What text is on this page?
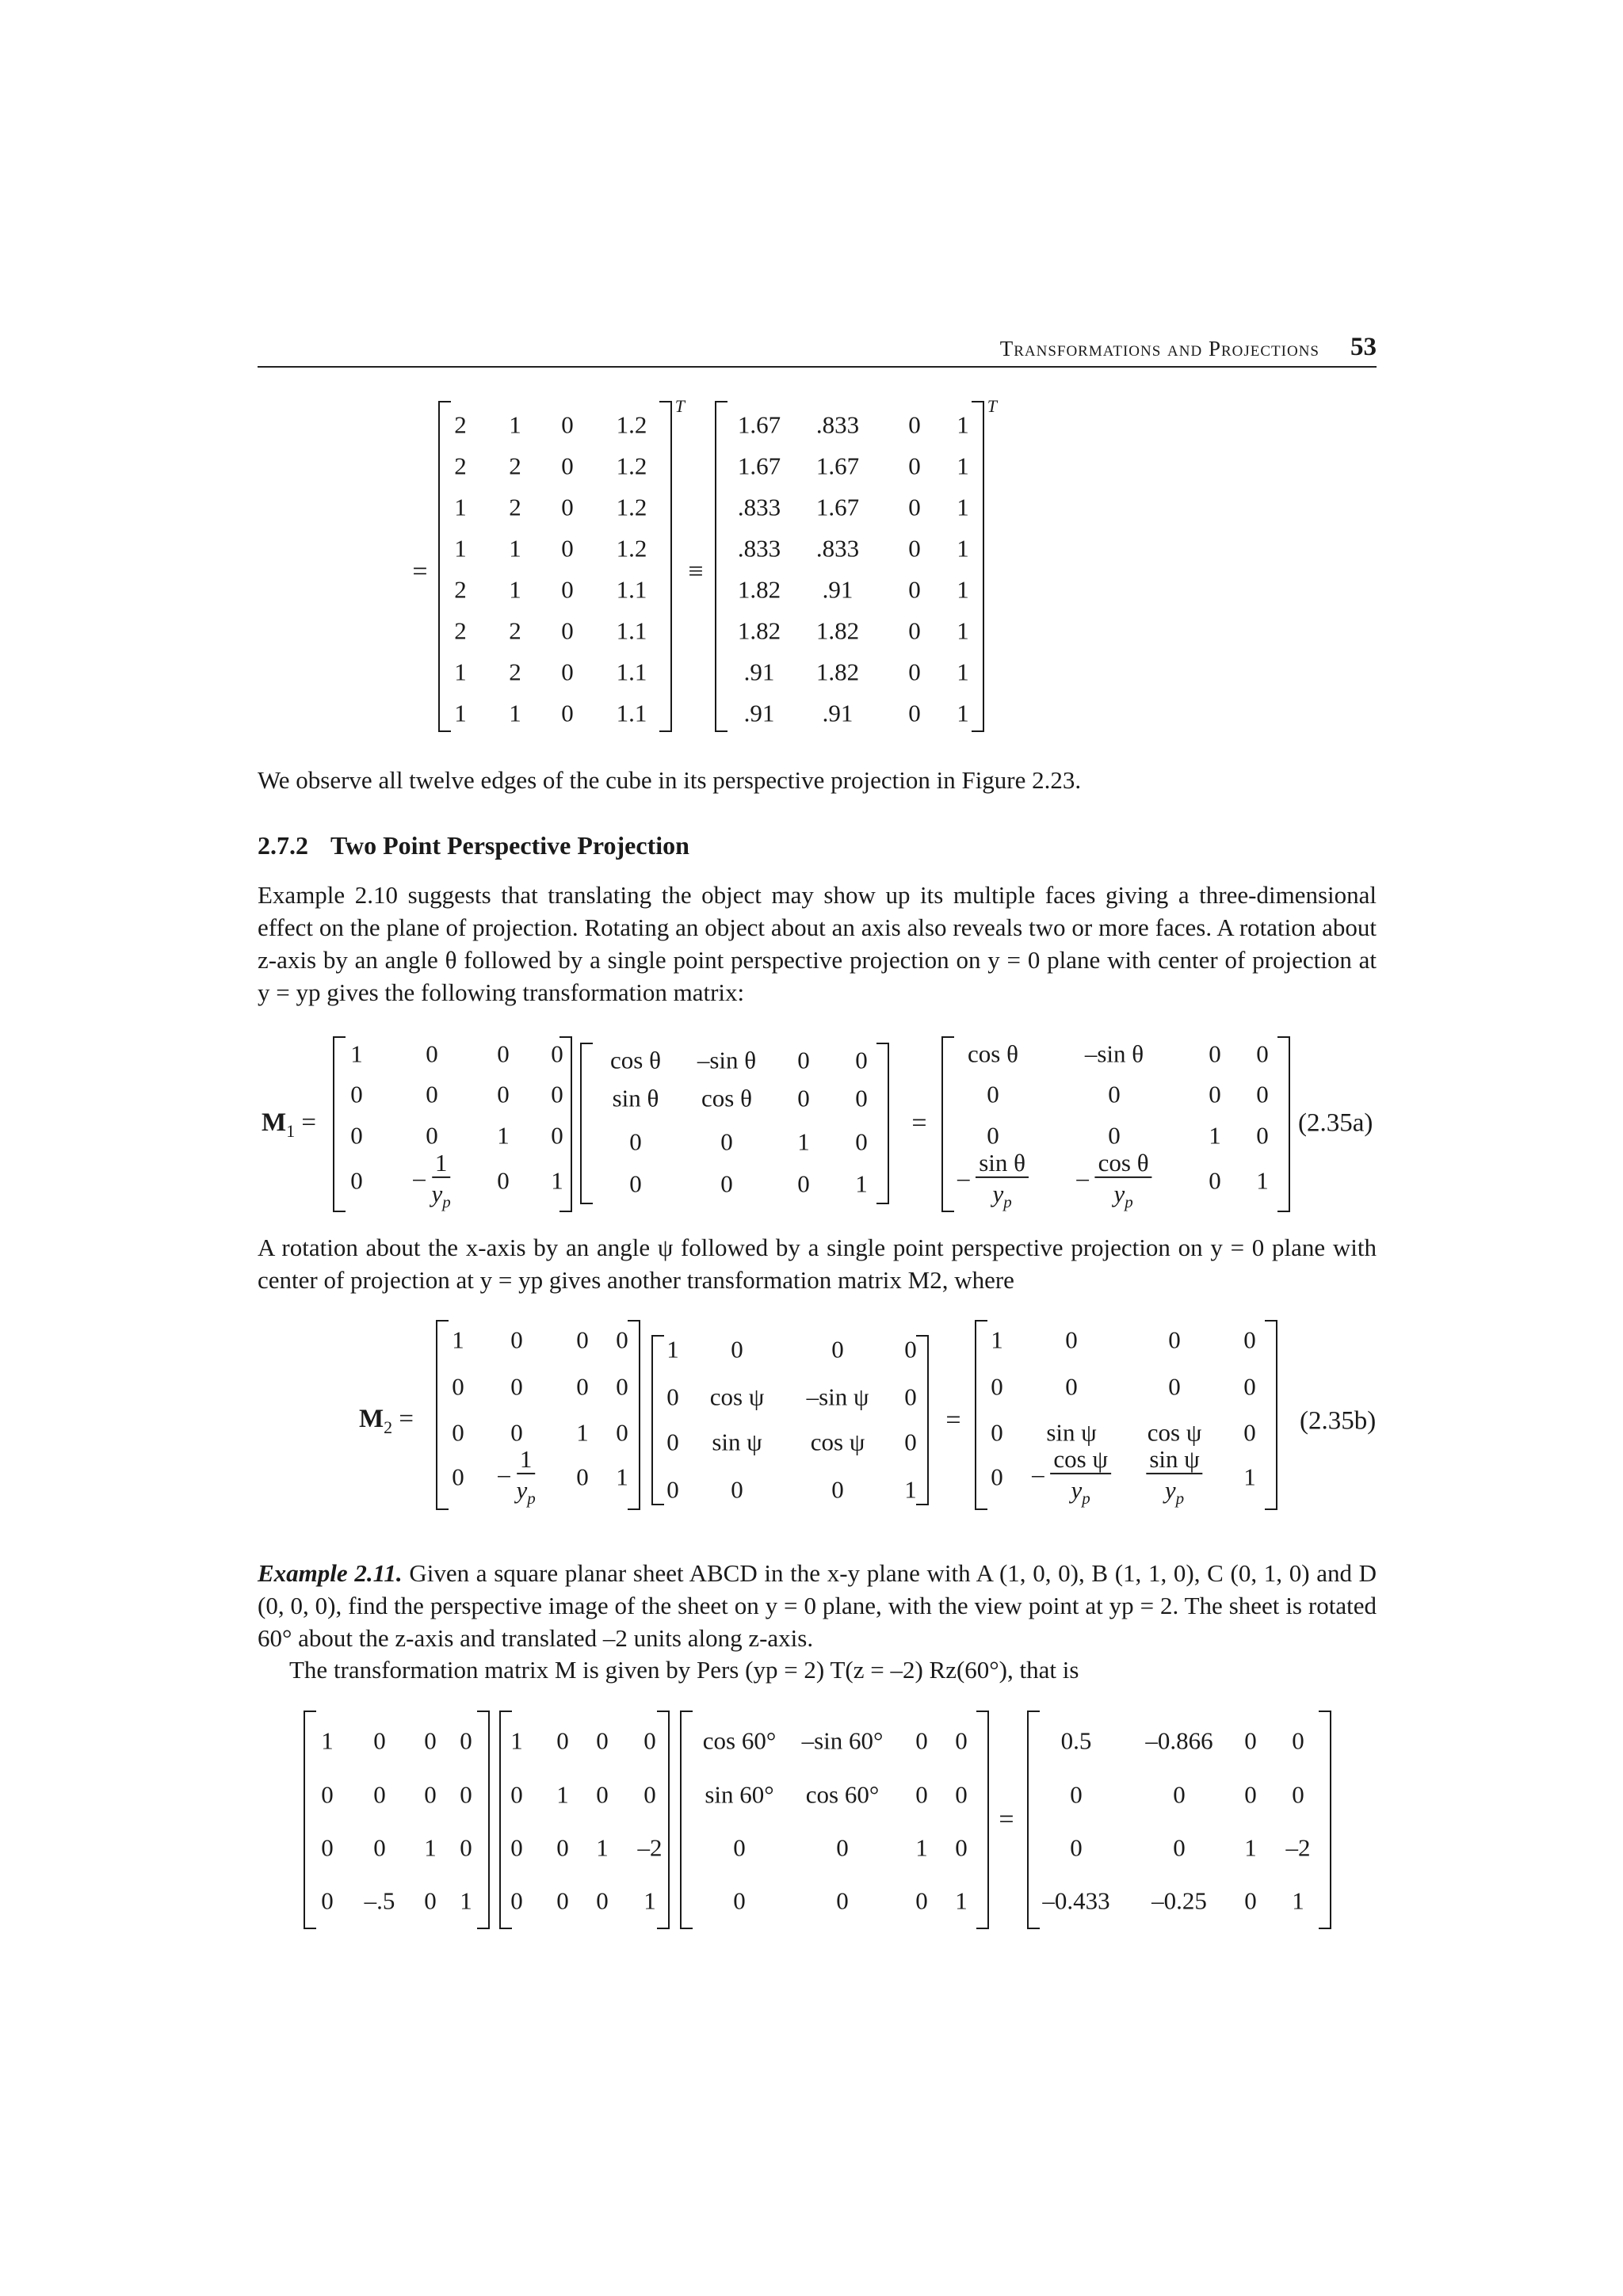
Transformations and Projections 53
We observe all twelve edges of the cube in its perspective projection in Figure 2.23.
2.7.2 Two Point Perspective Projection
Example 2.10 suggests that translating the object may show up its multiple faces giving a three-dimensional effect on the plane of projection. Rotating an object about an axis also reveals two or more faces. A rotation about z-axis by an angle θ followed by a single point perspective projection on y = 0 plane with center of projection at y = yp gives the following transformation matrix:
A rotation about the x-axis by an angle ψ followed by a single point perspective projection on y = 0 plane with center of projection at y = yp gives another transformation matrix M2, where
Example 2.11. Given a square planar sheet ABCD in the x-y plane with A (1, 0, 0), B (1, 1, 0), C (0, 1, 0) and D (0, 0, 0), find the perspective image of the sheet on y = 0 plane, with the view point at yp = 2. The sheet is rotated 60° about the z-axis and translated –2 units along z-axis.
The transformation matrix M is given by Pers (yp = 2) T(z = –2) Rz(60°), that is
2 1 0 1.2
2 2 0 1.2
1 2 0 1.2
1 1 0 1.2
2 1 0 1.1
2 2 0 1.1
1 2 0 1.1
1 1 0 1.1
T
1.67 .833 0 1
1.67 1.67 0 1
.833 1.67 0 1
.833 .833 0 1
1.82 .91 0 1
1.82 1.82 0 1
.91 1.82 0 1
.91 .91 0 1
T
=	≡
$M_1$ =
1	0 0 0
0	0 0 0
0	0 1 0
$0 - \frac{1}{y_p} 0$ 1
cos θ –sin θ 0 0
sin θ cos θ 0 0
0	0	1 0
0	0	0 1
=
cos θ	–sin θ	0 0
0	0	0 0
0	0	1 0
– $\frac{\text{sin θ}}{y_p} - \frac{\text{cos θ}}{y_p} 0$ 1
(2.35a)
$M_2$ =
1 0 0 0
0 0 0 0
0 0 1 0
$0 - \frac{1}{y_p} 0$ 1
1 0	0 0
0 cos ψ –sin ψ 0
0 sin ψ cos ψ 0
0 0	0 1
=
1	0	0	0
0	0	0	0
0 sin ψ cos ψ 0
$0 - \frac{\text{cos ψ}}{y_p} \frac{\text{sin ψ}}{y_p} 1$
(2.35b)
1 0 0 0
0 0 0 0
0 0 1 0
0 –.5 0 1
1 0 0 0
0 1 0 0
0 0 1 –2
0 0 0 1
cos 60° –sin 60° 0 0
sin 60° cos 60° 0 0
0	0	1 0
0	0	0 1
=
0.5 –0.866 0 0
0	0 0 0
0	0 1 –2
–0.433 –0.25 0 1
